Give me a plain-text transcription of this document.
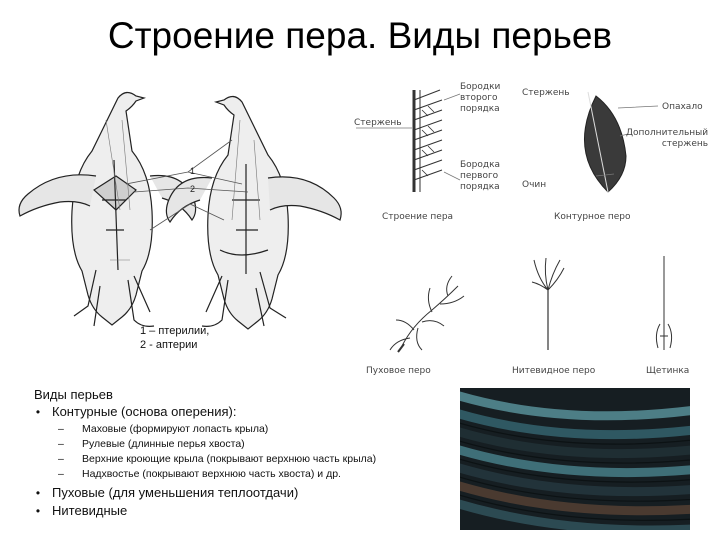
Строение пера. Виды перьев
1
2
1 – птерилии,
2 - аптерии
Бородки
второго
порядка
Стержень
Бородка
первого
порядка
Стержень
Опахало
Дополнительный
стержень
Очин
Строение пера	Контурное перо
Пуховое перо	Нитевидное перо	Щетинка
Виды перьев
• Контурные (основа оперения):
–	Маховые (формируют лопасть крыла)
–	Рулевые (длинные перья хвоста)
–	Верхние кроющие крыла (покрывают верхнюю часть крыла)
–	Надхвостье (покрывают верхнюю часть хвоста) и др.
• Пуховые (для уменьшения теплоотдачи)
• Нитевидные
